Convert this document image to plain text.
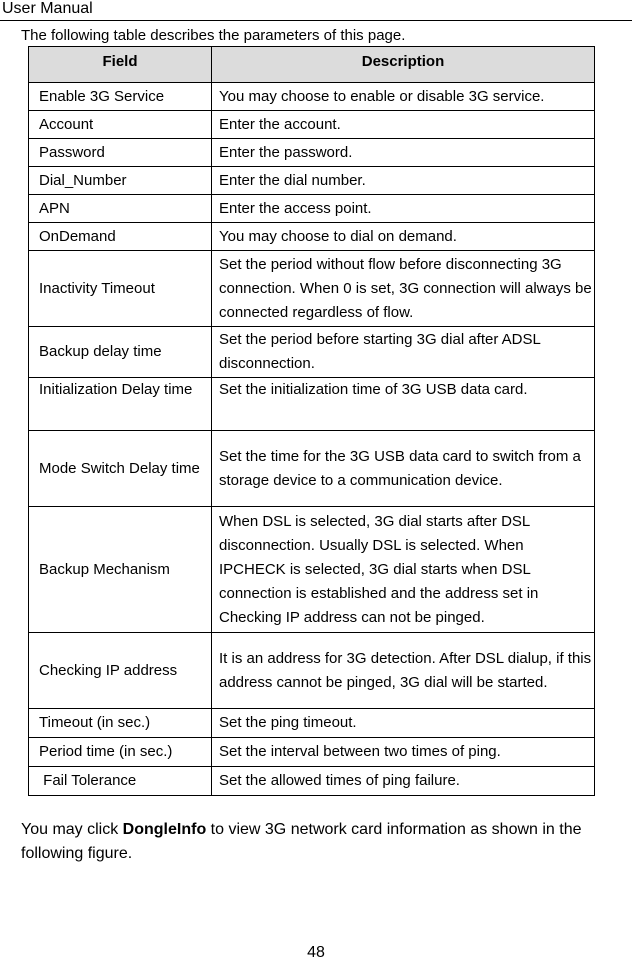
User Manual
The following table describes the parameters of this page.
Field	Description
Enable 3G Service	You may choose to enable or disable 3G service.
Account	Enter the account.
Password	Enter the password.
Dial_Number	Enter the dial number.
APN	Enter the access point.
OnDemand	You may choose to dial on demand.
Inactivity Timeout	Set the period without flow before disconnecting 3G connection. When 0 is set, 3G connection will always be connected regardless of flow.
Backup delay time	Set the period before starting 3G dial after ADSL disconnection.
Initialization Delay time	Set the initialization time of 3G USB data card.
Mode Switch Delay time	Set the time for the 3G USB data card to switch from a storage device to a communication device.
Backup Mechanism	When DSL is selected, 3G dial starts after DSL disconnection. Usually DSL is selected. When IPCHECK is selected, 3G dial starts when DSL connection is established and the address set in Checking IP address can not be pinged.
Checking IP address	It is an address for 3G detection. After DSL dialup, if this address cannot be pinged, 3G dial will be started.
Timeout (in sec.)	Set the ping timeout.
Period time (in sec.)	Set the interval between two times of ping.
Fail Tolerance	Set the allowed times of ping failure.
You may click DongleInfo to view 3G network card information as shown in the following figure.
48
